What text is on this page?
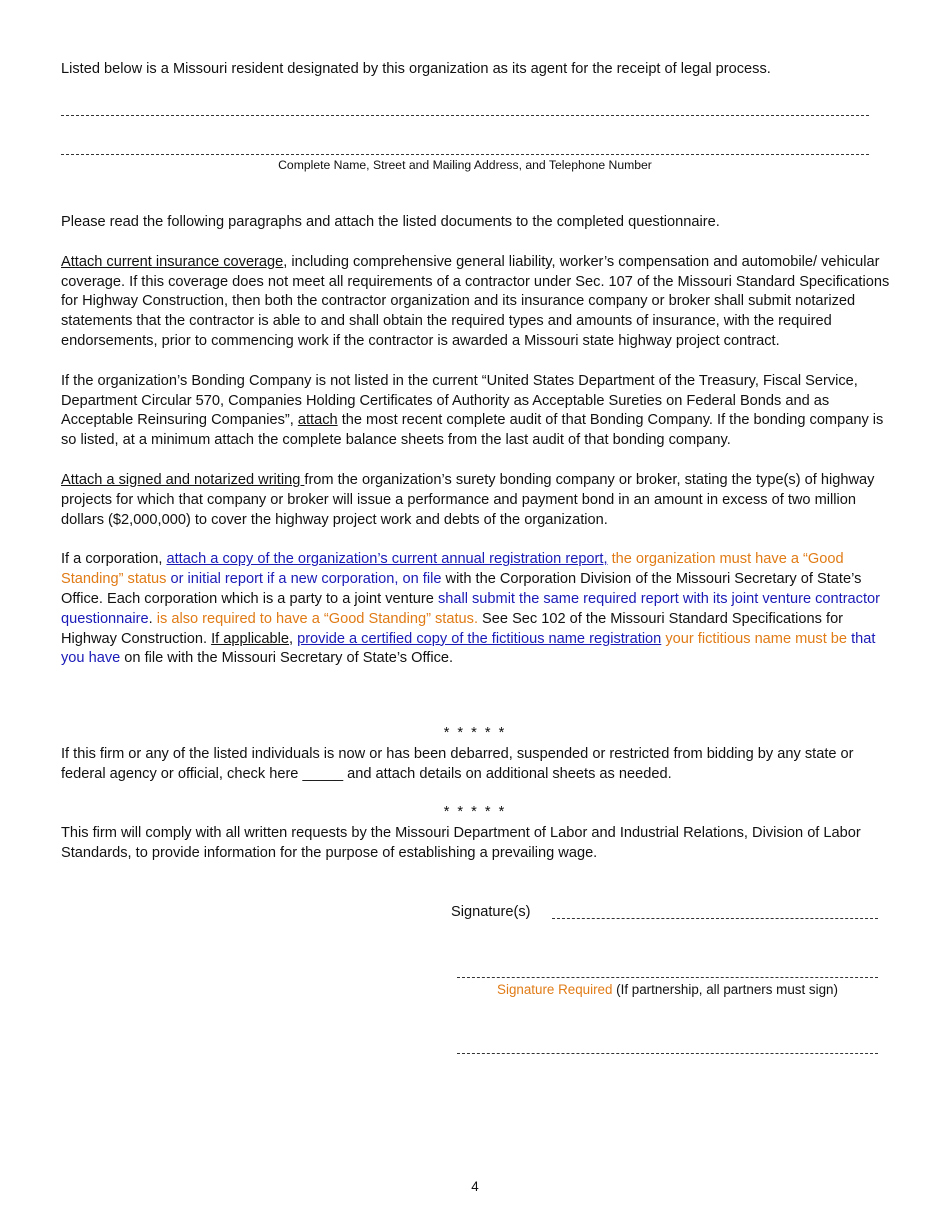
Listed below is a Missouri resident designated by this organization as its agent for the receipt of legal process.

Complete Name, Street and Mailing Address, and Telephone Number

Please read the following paragraphs and attach the listed documents to the completed questionnaire.

Attach current insurance coverage, including comprehensive general liability, worker’s compensation and automobile/ vehicular coverage. If this coverage does not meet all requirements of a contractor under Sec. 107 of the Missouri Standard Specifications for Highway Construction, then both the contractor organization and its insurance company or broker shall submit notarized statements that the contractor is able to and shall obtain the required types and amounts of insurance, with the required endorsements, prior to commencing work if the contractor is awarded a Missouri state highway project contract.

If the organization’s Bonding Company is not listed in the current “United States Department of the Treasury, Fiscal Service, Department Circular 570, Companies Holding Certificates of Authority as Acceptable Sureties on Federal Bonds and as Acceptable Reinsuring Companies”, attach the most recent complete audit of that Bonding Company. If the bonding company is so listed, at a minimum attach the complete balance sheets from the last audit of that bonding company.

Attach a signed and notarized writing from the organization’s surety bonding company or broker, stating the type(s) of highway projects for which that company or broker will issue a performance and payment bond in an amount in excess of two million dollars ($2,000,000) to cover the highway project work and debts of the organization.

If a corporation, attach a copy of the organization’s current annual registration report, the organization must have a “Good Standing” status or initial report if a new corporation, on file with the Corporation Division of the Missouri Secretary of State’s Office. Each corporation which is a party to a joint venture shall submit the same required report with its joint venture contractor questionnaire. is also required to have a “Good Standing” status. See Sec 102 of the Missouri Standard Specifications for Highway Construction. If applicable, provide a certified copy of the fictitious name registration your fictitious name must be that you have on file with the Missouri Secretary of State’s Office.

* * * * *

If this firm or any of the listed individuals is now or has been debarred, suspended or restricted from bidding by any state or federal agency or official, check here _____ and attach details on additional sheets as needed.

* * * * *

This firm will comply with all written requests by the Missouri Department of Labor and Industrial Relations, Division of Labor Standards, to provide information for the purpose of establishing a prevailing wage.

Signature(s)
Signature Required (If partnership, all partners must sign)
4
